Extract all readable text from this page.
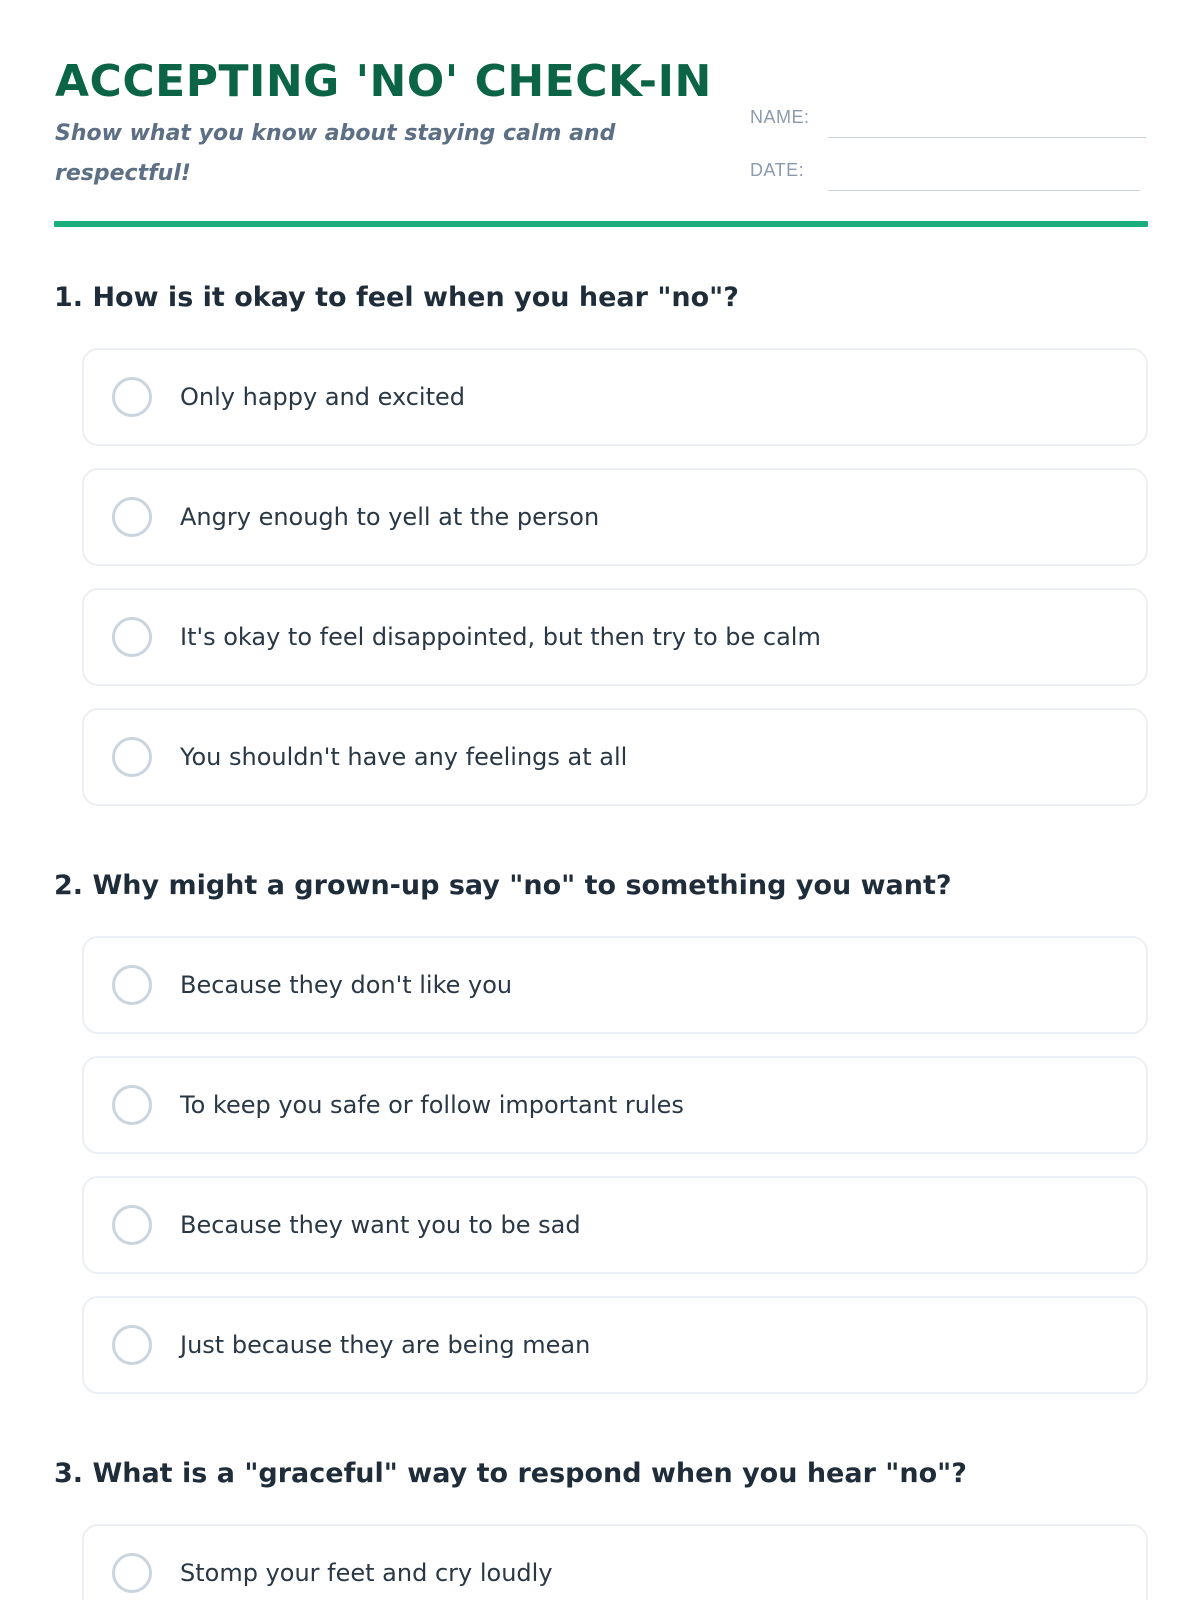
ACCEPTING 'NO' CHECK-IN
Show what you know about staying calm and respectful!
NAME:
DATE:
1. How is it okay to feel when you hear "no"?
Only happy and excited
Angry enough to yell at the person
It's okay to feel disappointed, but then try to be calm
You shouldn't have any feelings at all
2. Why might a grown-up say "no" to something you want?
Because they don't like you
To keep you safe or follow important rules
Because they want you to be sad
Just because they are being mean
3. What is a "graceful" way to respond when you hear "no"?
Stomp your feet and cry loudly
